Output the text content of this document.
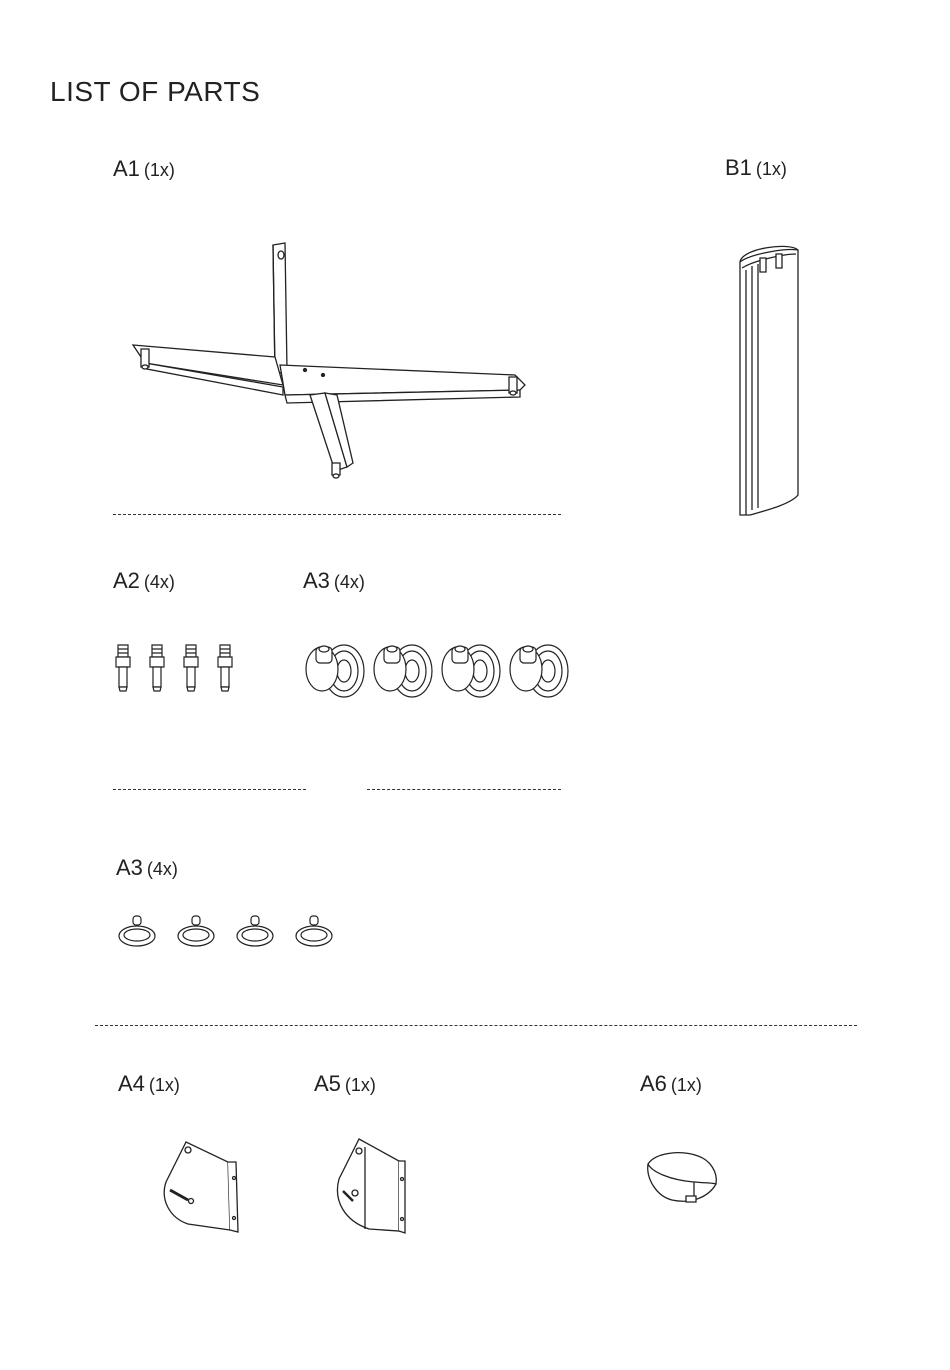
LIST OF PARTS
A1 (1x)	B1 (1x)
A2 (4x)	A3 (4x)
A3 (4x)
A4 (1x)	A5 (1x)	A6 (1x)
